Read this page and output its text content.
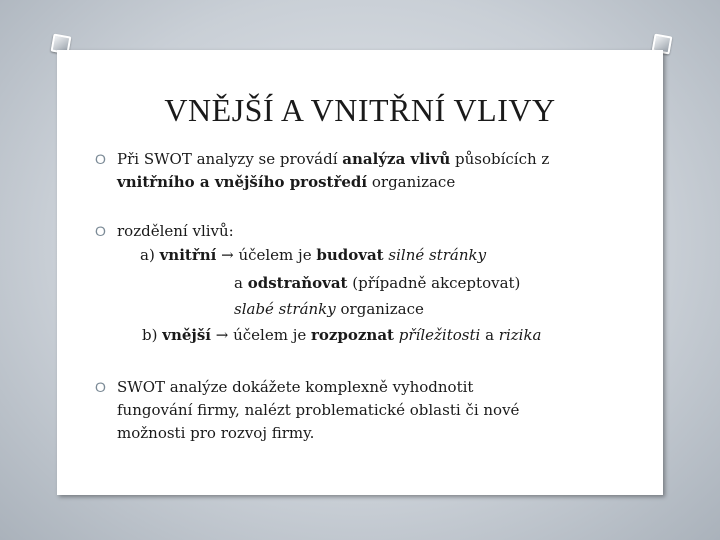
VNĚJŠÍ A VNITŘNÍ VLIVY
O Při SWOT analyzy se provádí analýza vlivů působících z
vnitřního a vnějšího prostředí organizace
O rozdělení vlivů:
a) vnitřní → účelem je budovat silné stránky
a odstraňovat (případně akceptovat)
slabé stránky organizace
b) vnější → účelem je rozpoznat příležitosti a rizika
O SWOT analýze dokážete komplexně vyhodnotit
fungování firmy, nalézt problematické oblasti či nové
možnosti pro rozvoj firmy.
